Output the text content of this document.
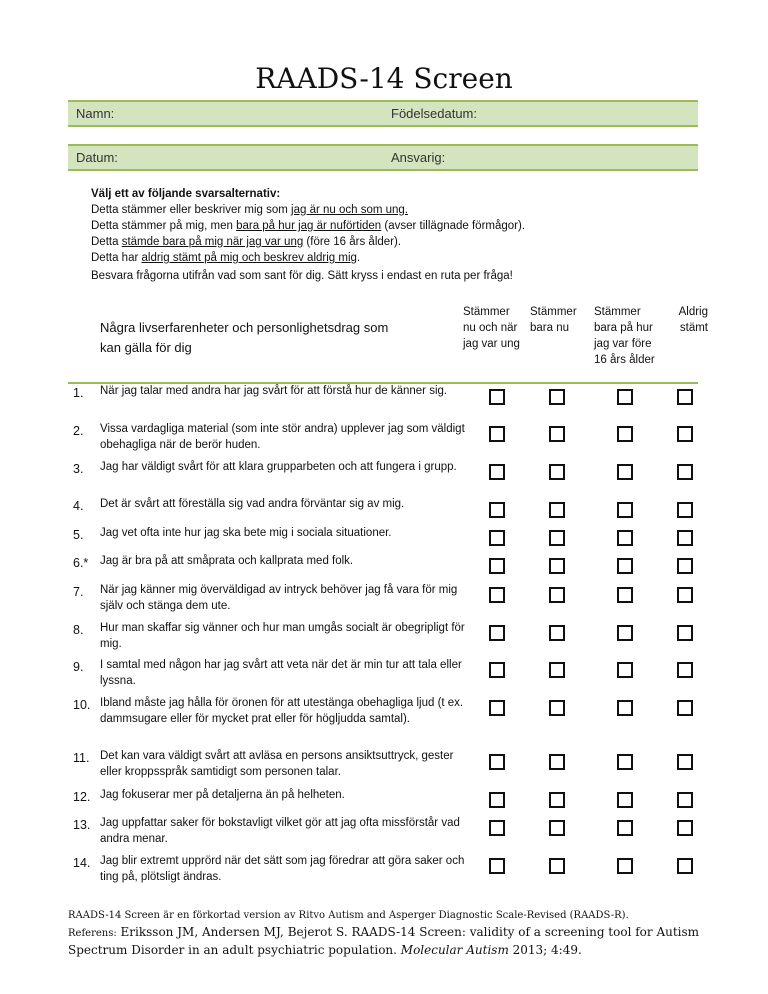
RAADS-14 Screen
Namn:	Födelsedatum:
Datum:	Ansvarig:
Välj ett av följande svarsalternativ:
Detta stämmer eller beskriver mig som jag är nu och som ung.
Detta stämmer på mig, men bara på hur jag är nuförtiden (avser tillägnade förmågor).
Detta stämde bara på mig när jag var ung (före 16 års ålder).
Detta har aldrig stämt på mig och beskrev aldrig mig.
Besvara frågorna utifrån vad som sant för dig. Sätt kryss i endast en ruta per fråga!
Några livserfarenheter och personlighetsdrag som kan gälla för dig
Stämmer nu och när jag var ung
Stämmer bara nu
Stämmer bara på hur jag var före 16 års ålder
Aldrig stämt
1. När jag talar med andra har jag svårt för att förstå hur de känner sig.
2. Vissa vardagliga material (som inte stör andra) upplever jag som väldigt obehagliga när de berör huden.
3. Jag har väldigt svårt för att klara grupparbeten och att fungera i grupp.
4. Det är svårt att föreställa sig vad andra förväntar sig av mig.
5. Jag vet ofta inte hur jag ska bete mig i sociala situationer.
6.* Jag är bra på att småprata och kallprata med folk.
7. När jag känner mig överväldigad av intryck behöver jag få vara för mig själv och stänga dem ute.
8. Hur man skaffar sig vänner och hur man umgås socialt är obegripligt för mig.
9. I samtal med någon har jag svårt att veta när det är min tur att tala eller lyssna.
10. Ibland måste jag hålla för öronen för att utestänga obehagliga ljud (t ex. dammsugare eller för mycket prat eller för högljudda samtal).
11. Det kan vara väldigt svårt att avläsa en persons ansiktsuttryck, gester eller kroppsspråk samtidigt som personen talar.
12. Jag fokuserar mer på detaljerna än på helheten.
13. Jag uppfattar saker för bokstavligt vilket gör att jag ofta missförstår vad andra menar.
14. Jag blir extremt upprörd när det sätt som jag föredrar att göra saker och ting på, plötsligt ändras.
RAADS-14 Screen är en förkortad version av Ritvo Autism and Asperger Diagnostic Scale-Revised (RAADS-R).
Referens: Eriksson JM, Andersen MJ, Bejerot S. RAADS-14 Screen: validity of a screening tool for Autism Spectrum Disorder in an adult psychiatric population. Molecular Autism 2013; 4:49.
